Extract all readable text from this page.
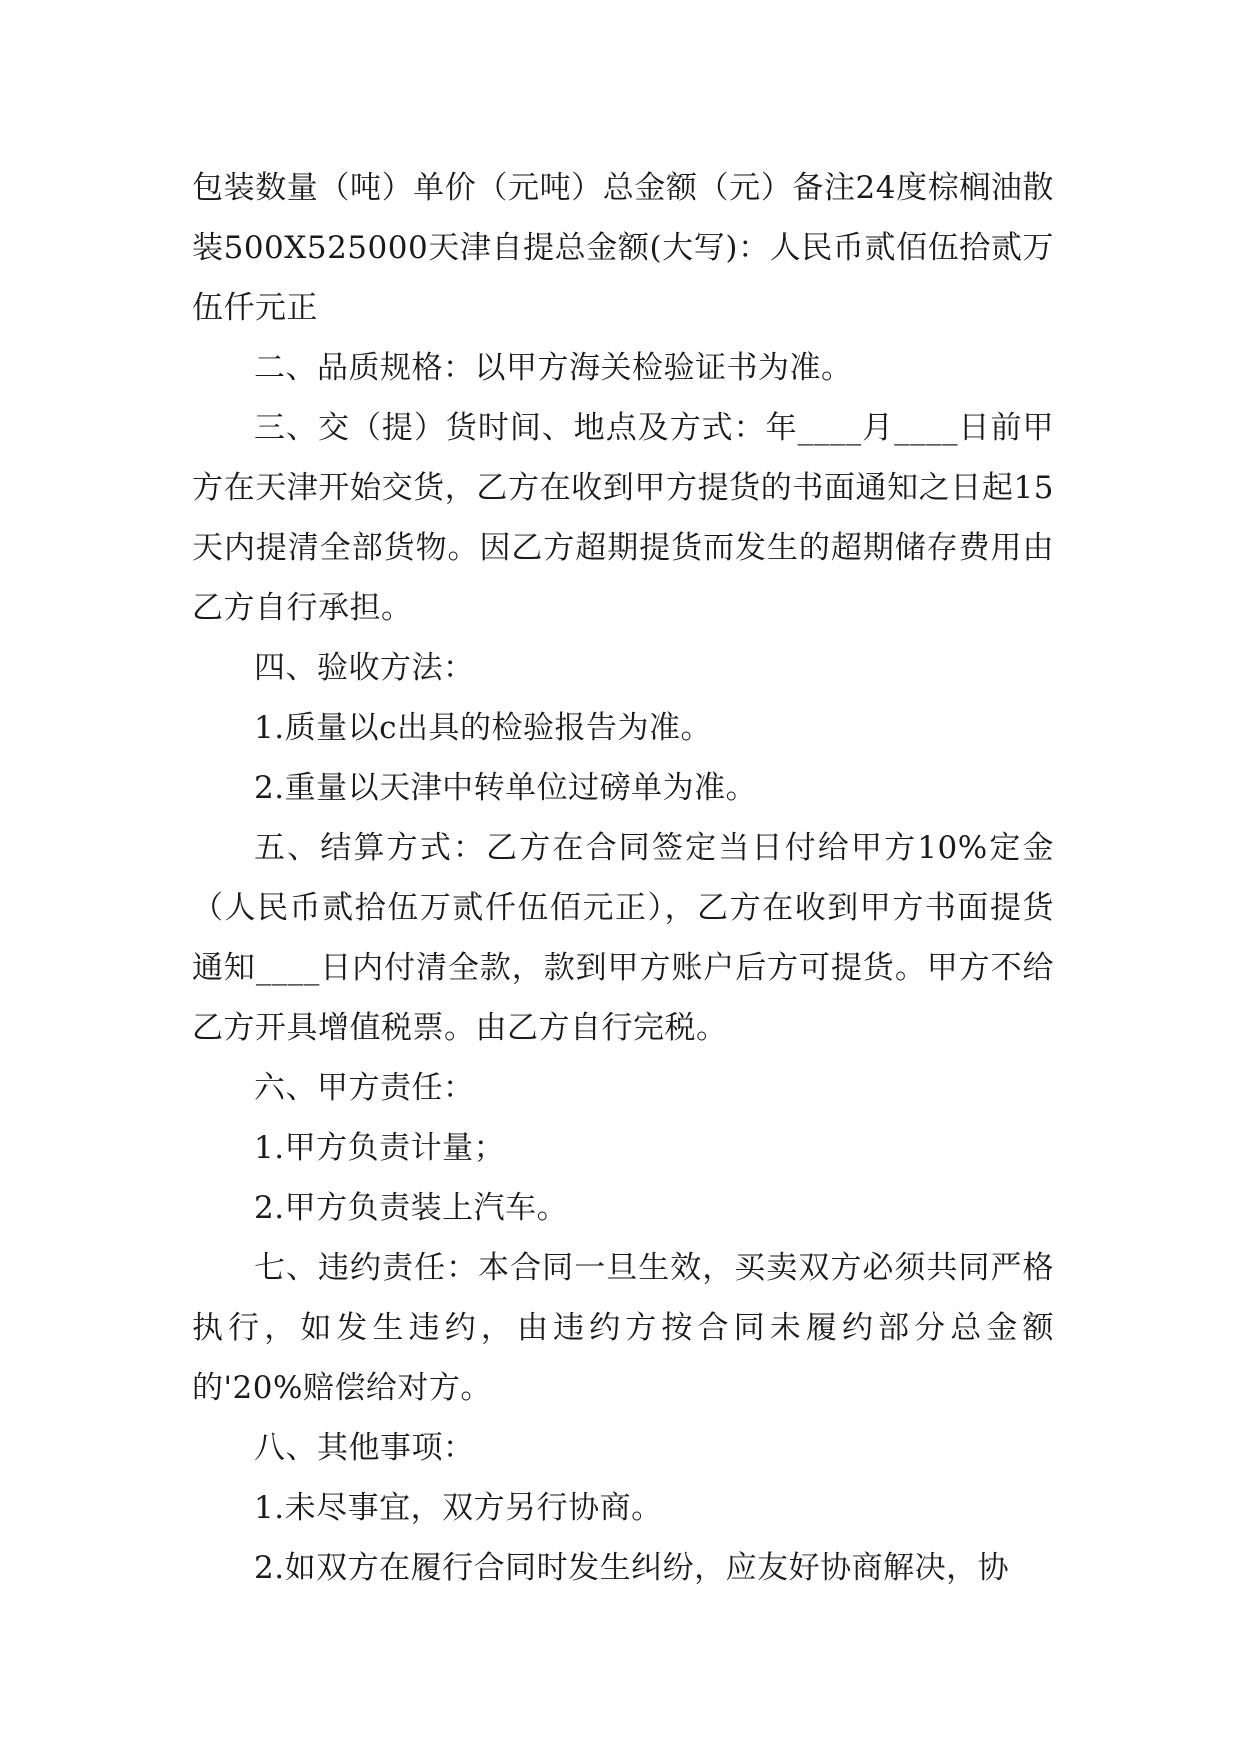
包装数量（吨）单价（元吨）总金额（元）备注24度棕榈油散装500X525000天津自提总金额(大写)：人民币贰佰伍拾贰万伍仟元正

二、品质规格：以甲方海关检验证书为准。

三、交（提）货时间、地点及方式：年____月____日前甲方在天津开始交货，乙方在收到甲方提货的书面通知之日起15天内提清全部货物。因乙方超期提货而发生的超期储存费用由乙方自行承担。

四、验收方法：

1.质量以c出具的检验报告为准。

2.重量以天津中转单位过磅单为准。

五、结算方式：乙方在合同签定当日付给甲方10%定金（人民币贰拾伍万贰仟伍佰元正），乙方在收到甲方书面提货通知____日内付清全款，款到甲方账户后方可提货。甲方不给乙方开具增值税票。由乙方自行完税。

六、甲方责任：

1.甲方负责计量；

2.甲方负责装上汽车。

七、违约责任：本合同一旦生效，买卖双方必须共同严格执行，如发生违约，由违约方按合同未履约部分总金额的'20%赔偿给对方。

八、其他事项：

1.未尽事宜，双方另行协商。

2.如双方在履行合同时发生纠纷，应友好协商解决，协
